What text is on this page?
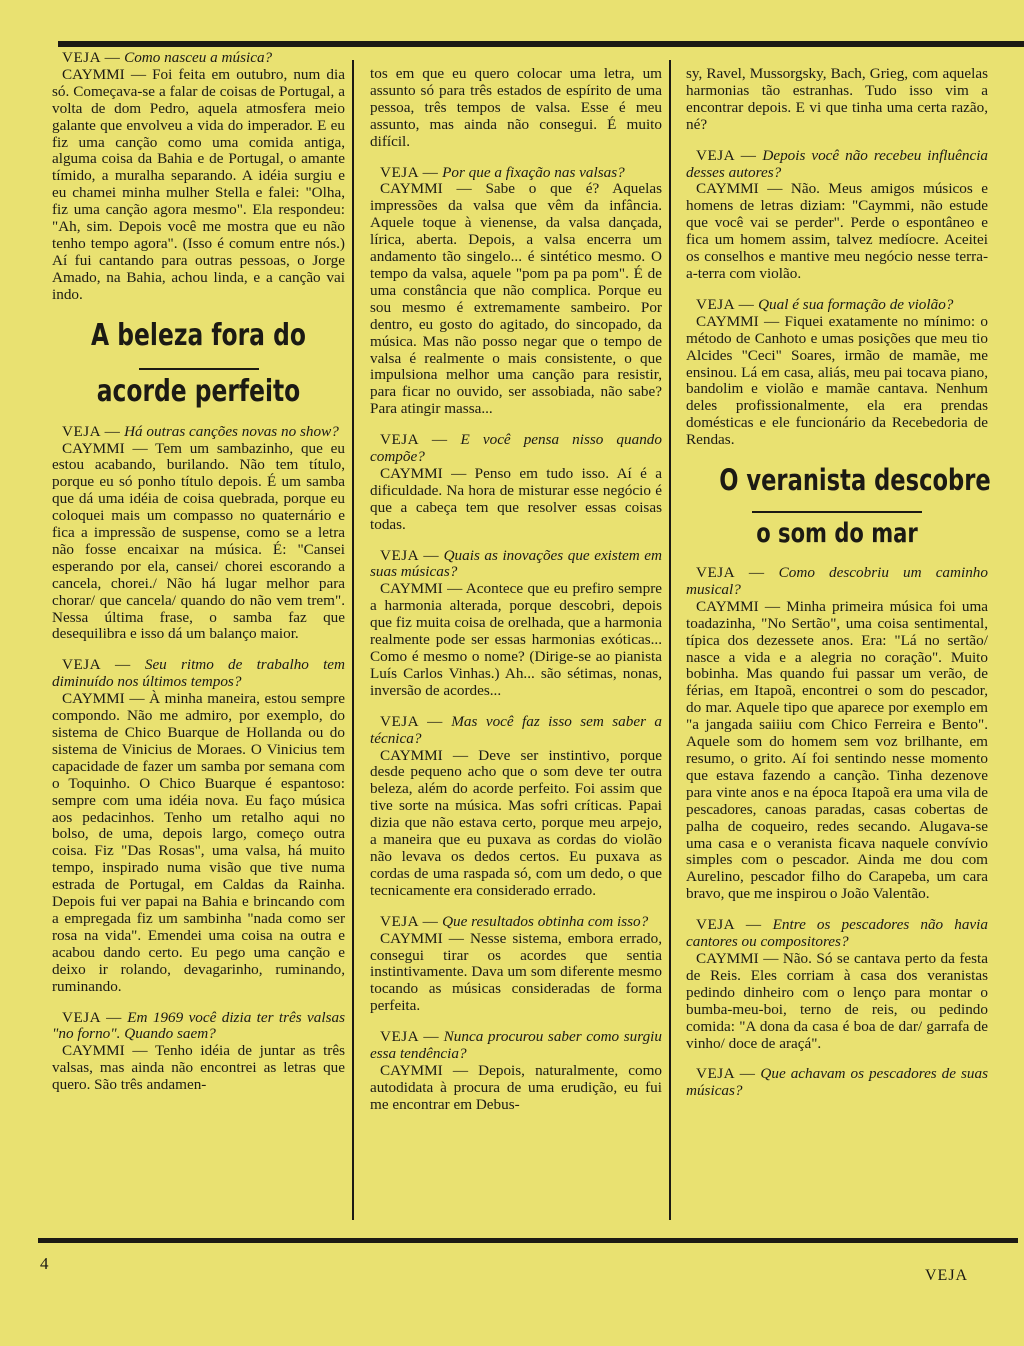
VEJA — Como nasceu a música?

CAYMMI — Foi feita em outubro, num dia só. Começava-se a falar de coisas de Portugal, a volta de dom Pedro, aquela atmosfera meio galante que envolveu a vida do imperador. E eu fiz uma canção como uma comida antiga, alguma coisa da Bahia e de Portugal, o amante tímido, a muralha separando. A idéia surgiu e eu chamei minha mulher Stella e falei: "Olha, fiz uma canção agora mesmo". Ela respondeu: "Ah, sim. Depois você me mostra que eu não tenho tempo agora". (Isso é comum entre nós.) Aí fui cantando para outras pessoas, o Jorge Amado, na Bahia, achou linda, e a canção vai indo.

A beleza fora do

acorde perfeito

VEJA — Há outras canções novas no show?

CAYMMI — Tem um sambazinho, que eu estou acabando, burilando. Não tem título, porque eu só ponho título depois. É um samba que dá uma idéia de coisa quebrada, porque eu coloquei mais um compasso no quaternário e fica a impressão de suspense, como se a letra não fosse encaixar na música. É: "Cansei esperando por ela, cansei/ chorei escorando a cancela, chorei./ Não há lugar melhor para chorar/ que cancela/ quando do não vem trem". Nessa última frase, o samba faz que desequilibra e isso dá um balanço maior.

VEJA — Seu ritmo de trabalho tem diminuído nos últimos tempos?

CAYMMI — À minha maneira, estou sempre compondo. Não me admiro, por exemplo, do sistema de Chico Buarque de Hollanda ou do sistema de Vinicius de Moraes. O Vinicius tem capacidade de fazer um samba por semana com o Toquinho. O Chico Buarque é espantoso: sempre com uma idéia nova. Eu faço música aos pedacinhos. Tenho um retalho aqui no bolso, de uma, depois largo, começo outra coisa. Fiz "Das Rosas", uma valsa, há muito tempo, inspirado numa visão que tive numa estrada de Portugal, em Caldas da Rainha. Depois fui ver papai na Bahia e brincando com a empregada fiz um sambinha "nada como ser rosa na vida". Emendei uma coisa na outra e acabou dando certo. Eu pego uma canção e deixo ir rolando, devagarinho, ruminando, ruminando.

VEJA — Em 1969 você dizia ter três valsas "no forno". Quando saem?

CAYMMI — Tenho idéia de juntar as três valsas, mas ainda não encontrei as letras que quero. São três andamen-

tos em que eu quero colocar uma letra, um assunto só para três estados de espírito de uma pessoa, três tempos de valsa. Esse é meu assunto, mas ainda não consegui. É muito difícil.

VEJA — Por que a fixação nas valsas?

CAYMMI — Sabe o que é? Aquelas impressões da valsa que vêm da infância. Aquele toque à vienense, da valsa dançada, lírica, aberta. Depois, a valsa encerra um andamento tão singelo... é sintético mesmo. O tempo da valsa, aquele "pom pa pa pom". É de uma constância que não complica. Porque eu sou mesmo é extremamente sambeiro. Por dentro, eu gosto do agitado, do sincopado, da música. Mas não posso negar que o tempo de valsa é realmente o mais consistente, o que impulsiona melhor uma canção para resistir, para ficar no ouvido, ser assobiada, não sabe? Para atingir massa...

VEJA — E você pensa nisso quando compõe?

CAYMMI — Penso em tudo isso. Aí é a dificuldade. Na hora de misturar esse negócio é que a cabeça tem que resolver essas coisas todas.

VEJA — Quais as inovações que existem em suas músicas?

CAYMMI — Acontece que eu prefiro sempre a harmonia alterada, porque descobri, depois que fiz muita coisa de orelhada, que a harmonia realmente pode ser essas harmonias exóticas... Como é mesmo o nome? (Dirige-se ao pianista Luís Carlos Vinhas.) Ah... são sétimas, nonas, inversão de acordes...

VEJA — Mas você faz isso sem saber a técnica?

CAYMMI — Deve ser instintivo, porque desde pequeno acho que o som deve ter outra beleza, além do acorde perfeito. Foi assim que tive sorte na música. Mas sofri críticas. Papai dizia que não estava certo, porque meu arpejo, a maneira que eu puxava as cordas do violão não levava os dedos certos. Eu puxava as cordas de uma raspada só, com um dedo, o que tecnicamente era considerado errado.

VEJA — Que resultados obtinha com isso?

CAYMMI — Nesse sistema, embora errado, consegui tirar os acordes que sentia instintivamente. Dava um som diferente mesmo tocando as músicas consideradas de forma perfeita.

VEJA — Nunca procurou saber como surgiu essa tendência?

CAYMMI — Depois, naturalmente, como autodidata à procura de uma erudição, eu fui me encontrar em Debus-

sy, Ravel, Mussorgsky, Bach, Grieg, com aquelas harmonias tão estranhas. Tudo isso vim a encontrar depois. E vi que tinha uma certa razão, né?

VEJA — Depois você não recebeu influência desses autores?

CAYMMI — Não. Meus amigos músicos e homens de letras diziam: "Caymmi, não estude que você vai se perder". Perde o espontâneo e fica um homem assim, talvez medíocre. Aceitei os conselhos e mantive meu negócio nesse terra-a-terra com violão.

VEJA — Qual é sua formação de violão?

CAYMMI — Fiquei exatamente no mínimo: o método de Canhoto e umas posições que meu tio Alcides "Ceci" Soares, irmão de mamãe, me ensinou. Lá em casa, aliás, meu pai tocava piano, bandolim e violão e mamãe cantava. Nenhum deles profissionalmente, ela era prendas domésticas e ele funcionário da Recebedoria de Rendas.

O veranista descobre

o som do mar

VEJA — Como descobriu um caminho musical?

CAYMMI — Minha primeira música foi uma toadazinha, "No Sertão", uma coisa sentimental, típica dos dezessete anos. Era: "Lá no sertão/ nasce a vida e a alegria no coração". Muito bobinha. Mas quando fui passar um verão, de férias, em Itapoã, encontrei o som do pescador, do mar. Aquele tipo que aparece por exemplo em "a jangada saiiiu com Chico Ferreira e Bento". Aquele som do homem sem voz brilhante, em resumo, o grito. Aí foi sentindo nesse momento que estava fazendo a canção. Tinha dezenove para vinte anos e na época Itapoã era uma vila de pescadores, canoas paradas, casas cobertas de palha de coqueiro, redes secando. Alugava-se uma casa e o veranista ficava naquele convívio simples com o pescador. Ainda me dou com Aurelino, pescador filho do Carapeba, um cara bravo, que me inspirou o João Valentão.

VEJA — Entre os pescadores não havia cantores ou compositores?

CAYMMI — Não. Só se cantava perto da festa de Reis. Eles corriam à casa dos veranistas pedindo dinheiro com o lenço para montar o bumba-meu-boi, terno de reis, ou pedindo comida: "A dona da casa é boa de dar/ garrafa de vinho/ doce de araçá".

VEJA — Que achavam os pescadores de suas músicas?

4
VEJA
